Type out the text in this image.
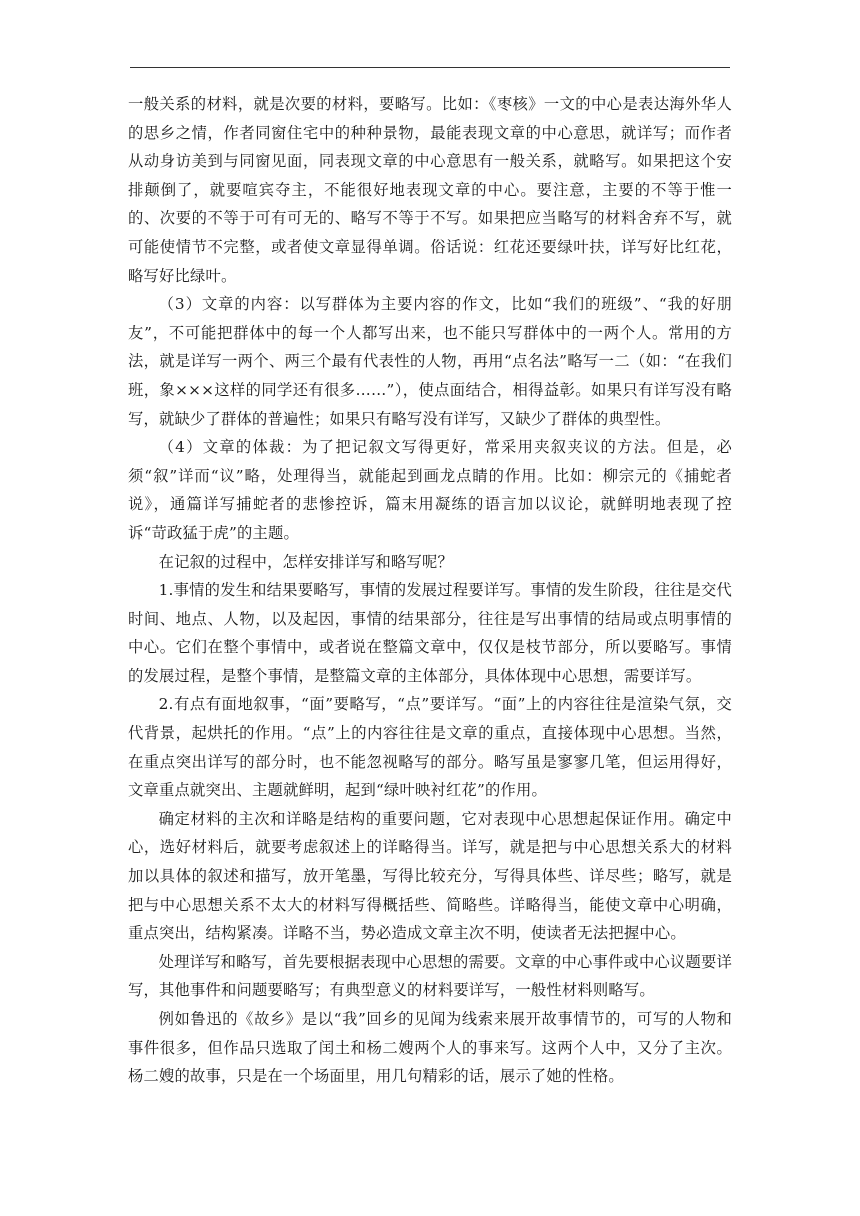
一般关系的材料，就是次要的材料，要略写。比如：《枣核》一文的中心是表达海外华人的思乡之情，作者同窗住宅中的种种景物，最能表现文章的中心意思，就详写；而作者从动身访美到与同窗见面，同表现文章的中心意思有一般关系，就略写。如果把这个安排颠倒了，就要喧宾夺主，不能很好地表现文章的中心。要注意，主要的不等于惟一的、次要的不等于可有可无的、略写不等于不写。如果把应当略写的材料舍弃不写，就可能使情节不完整，或者使文章显得单调。俗话说：红花还要绿叶扶，详写好比红花，略写好比绿叶。

（3）文章的内容：以写群体为主要内容的作文，比如“我们的班级”、“我的好朋友”，不可能把群体中的每一个人都写出来，也不能只写群体中的一两个人。常用的方法，就是详写一两个、两三个最有代表性的人物，再用“点名法”略写一二（如：“在我们班，象×××这样的同学还有很多……”），使点面结合，相得益彰。如果只有详写没有略写，就缺少了群体的普遍性；如果只有略写没有详写，又缺少了群体的典型性。

（4）文章的体裁：为了把记叙文写得更好，常采用夹叙夹议的方法。但是，必须“叙”详而“议”略，处理得当，就能起到画龙点睛的作用。比如：柳宗元的《捕蛇者说》，通篇详写捕蛇者的悲惨控诉，篇末用凝练的语言加以议论，就鲜明地表现了控诉“苛政猛于虎”的主题。

在记叙的过程中，怎样安排详写和略写呢？

1.事情的发生和结果要略写，事情的发展过程要详写。事情的发生阶段，往往是交代时间、地点、人物，以及起因，事情的结果部分，往往是写出事情的结局或点明事情的中心。它们在整个事情中，或者说在整篇文章中，仅仅是枝节部分，所以要略写。事情的发展过程，是整个事情，是整篇文章的主体部分，具体体现中心思想，需要详写。

2.有点有面地叙事，“面”要略写，“点”要详写。“面”上的内容往往是渲染气氛，交代背景，起烘托的作用。“点”上的内容往往是文章的重点，直接体现中心思想。当然，在重点突出详写的部分时，也不能忽视略写的部分。略写虽是寥寥几笔，但运用得好，文章重点就突出、主题就鲜明，起到“绿叶映衬红花”的作用。

确定材料的主次和详略是结构的重要问题，它对表现中心思想起保证作用。确定中心，选好材料后，就要考虑叙述上的详略得当。详写，就是把与中心思想关系大的材料加以具体的叙述和描写，放开笔墨，写得比较充分，写得具体些、详尽些；略写，就是把与中心思想关系不太大的材料写得概括些、简略些。详略得当，能使文章中心明确，重点突出，结构紧凑。详略不当，势必造成文章主次不明，使读者无法把握中心。

处理详写和略写，首先要根据表现中心思想的需要。文章的中心事件或中心议题要详写，其他事件和问题要略写；有典型意义的材料要详写，一般性材料则略写。

例如鲁迅的《故乡》是以“我”回乡的见闻为线索来展开故事情节的，可写的人物和事件很多，但作品只选取了闰土和杨二嫂两个人的事来写。这两个人中，又分了主次。杨二嫂的故事，只是在一个场面里，用几句精彩的话，展示了她的性格。
